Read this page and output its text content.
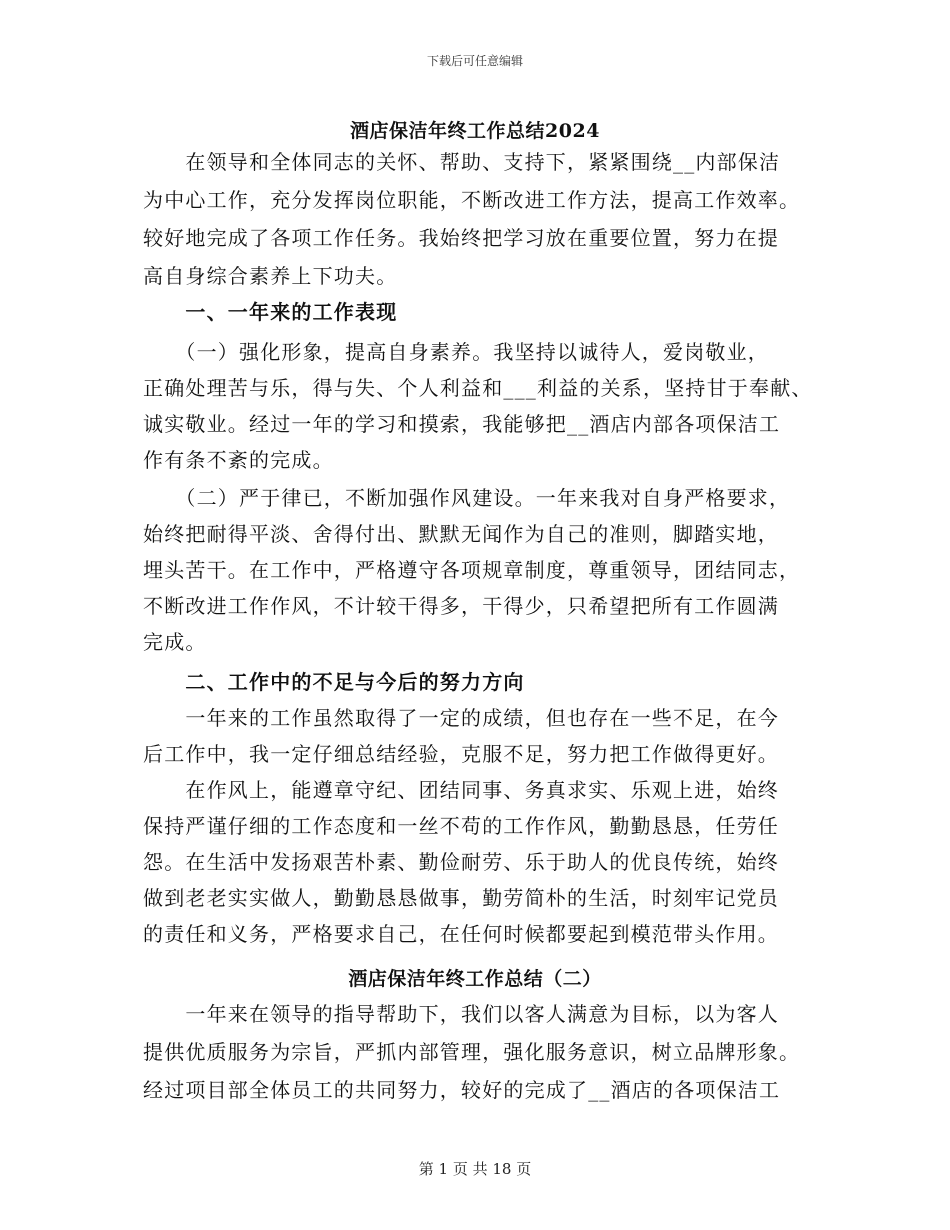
下载后可任意编辑
酒店保洁年终工作总结2024
　　在领导和全体同志的关怀、帮助、支持下，紧紧围绕__内部保洁
为中心工作，充分发挥岗位职能，不断改进工作方法，提高工作效率。
较好地完成了各项工作任务。我始终把学习放在重要位置，努力在提
高自身综合素养上下功夫。
　　一、一年来的工作表现
　　（一）强化形象，提高自身素养。我坚持以诚待人，爱岗敬业，
正确处理苦与乐，得与失、个人利益和___利益的关系，坚持甘于奉献、
诚实敬业。经过一年的学习和摸索，我能够把__酒店内部各项保洁工
作有条不紊的完成。
　　（二）严于律已，不断加强作风建设。一年来我对自身严格要求，
始终把耐得平淡、舍得付出、默默无闻作为自己的准则，脚踏实地，
埋头苦干。在工作中，严格遵守各项规章制度，尊重领导，团结同志，
不断改进工作作风，不计较干得多，干得少，只希望把所有工作圆满
完成。
　　二、工作中的不足与今后的努力方向
　　一年来的工作虽然取得了一定的成绩，但也存在一些不足，在今
后工作中，我一定仔细总结经验，克服不足，努力把工作做得更好。
　　在作风上，能遵章守纪、团结同事、务真求实、乐观上进，始终
保持严谨仔细的工作态度和一丝不苟的工作作风，勤勤恳恳，任劳任
怨。在生活中发扬艰苦朴素、勤俭耐劳、乐于助人的优良传统，始终
做到老老实实做人，勤勤恳恳做事，勤劳简朴的生活，时刻牢记党员
的责任和义务，严格要求自己，在任何时候都要起到模范带头作用。
酒店保洁年终工作总结（二）
　　一年来在领导的指导帮助下，我们以客人满意为目标，以为客人
提供优质服务为宗旨，严抓内部管理，强化服务意识，树立品牌形象。
经过项目部全体员工的共同努力，较好的完成了__酒店的各项保洁工
第 1 页 共 18 页
